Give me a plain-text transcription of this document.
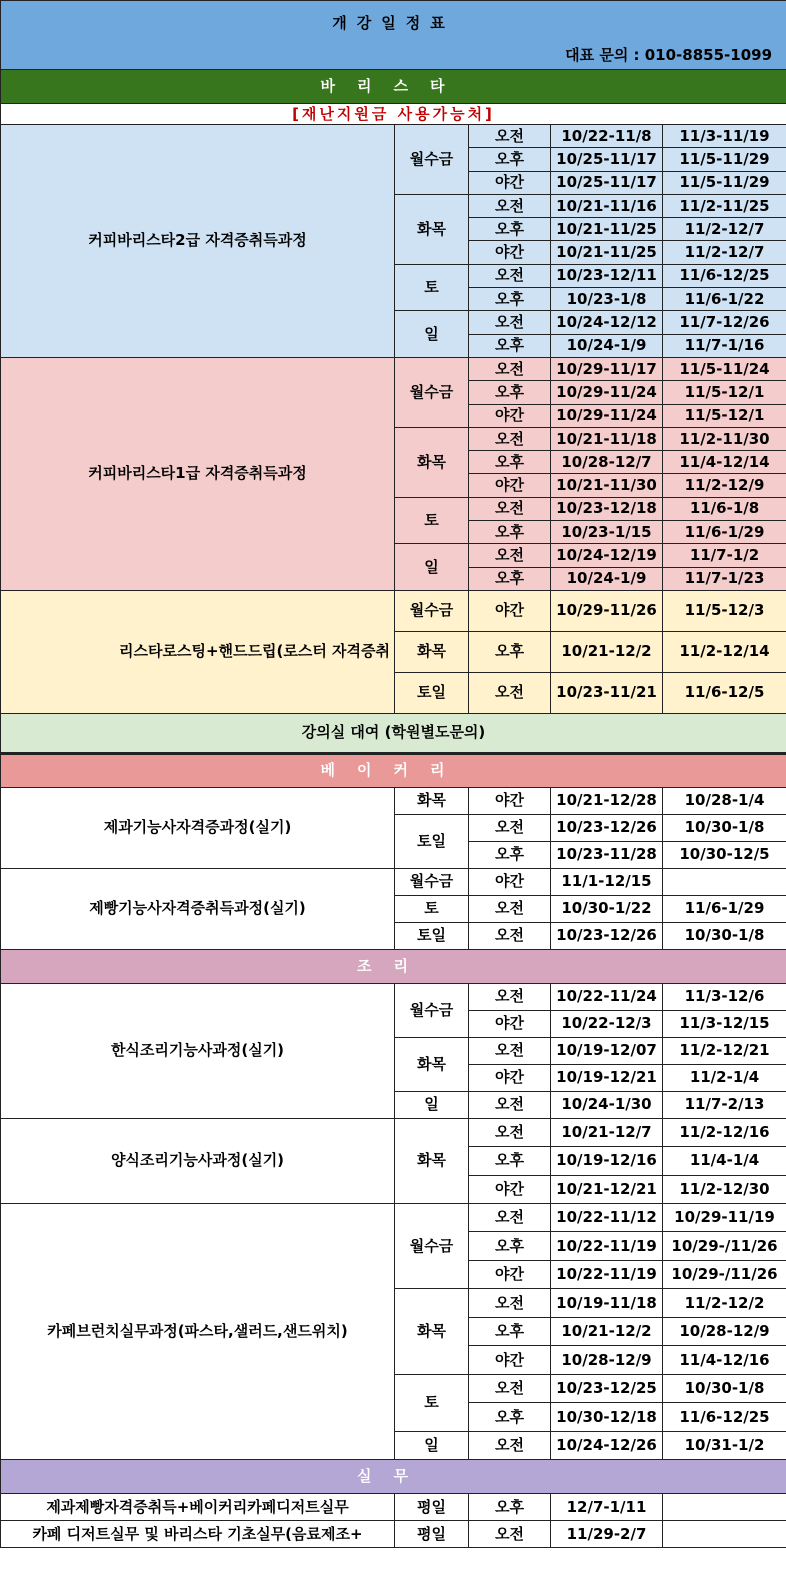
개강일정표				
대표 문의 : 010-8855-1099				
바리스타				
[재난지원금 사용가능처]				
커피바리스타2급 자격증취득과정	월수금	오전	10/22-11/8	11/3-11/19
		오후	10/25-11/17	11/5-11/29
		야간	10/25-11/17	11/5-11/29
	화목	오전	10/21-11/16	11/2-11/25
		오후	10/21-11/25	11/2-12/7
		야간	10/21-11/25	11/2-12/7
	토	오전	10/23-12/11	11/6-12/25
		오후	10/23-1/8	11/6-1/22
	일	오전	10/24-12/12	11/7-12/26
		오후	10/24-1/9	11/7-1/16
커피바리스타1급 자격증취득과정	월수금	오전	10/29-11/17	11/5-11/24
		오후	10/29-11/24	11/5-12/1
		야간	10/29-11/24	11/5-12/1
	화목	오전	10/21-11/18	11/2-11/30
		오후	10/28-12/7	11/4-12/14
		야간	10/21-11/30	11/2-12/9
	토	오전	10/23-12/18	11/6-1/8
		오후	10/23-1/15	11/6-1/29
	일	오전	10/24-12/19	11/7-1/2
		오후	10/24-1/9	11/7-1/23
리스타로스팅+핸드드립(로스터 자격증취	월수금	야간	10/29-11/26	11/5-12/3
	화목	오후	10/21-12/2	11/2-12/14
	토일	오전	10/23-11/21	11/6-12/5
강의실 대여 (학원별도문의)				
베이커리				
제과기능사자격증과정(실기)	화목	야간	10/21-12/28	10/28-1/4
	토일	오전	10/23-12/26	10/30-1/8
		오후	10/23-11/28	10/30-12/5
제빵기능사자격증취득과정(실기)	월수금	야간	11/1-12/15	
	토	오전	10/30-1/22	11/6-1/29
	토일	오전	10/23-12/26	10/30-1/8
조리				
한식조리기능사과정(실기)	월수금	오전	10/22-11/24	11/3-12/6
		야간	10/22-12/3	11/3-12/15
	화목	오전	10/19-12/07	11/2-12/21
		야간	10/19-12/21	11/2-1/4
	일	오전	10/24-1/30	11/7-2/13
양식조리기능사과정(실기)	화목	오전	10/21-12/7	11/2-12/16
		오후	10/19-12/16	11/4-1/4
		야간	10/21-12/21	11/2-12/30
카페브런치실무과정(파스타,샐러드,샌드위치)	월수금	오전	10/22-11/12	10/29-11/19
		오후	10/22-11/19	10/29-/11/26
		야간	10/22-11/19	10/29-/11/26
	화목	오전	10/19-11/18	11/2-12/2
		오후	10/21-12/2	10/28-12/9
		야간	10/28-12/9	11/4-12/16
	토	오전	10/23-12/25	10/30-1/8
		오후	10/30-12/18	11/6-12/25
	일	오전	10/24-12/26	10/31-1/2
실무				
제과제빵자격증취득+베이커리카페디저트실무	평일	오후	12/7-1/11	
카페 디저트실무 및 바리스타 기초실무(음료제조+	평일	오전	11/29-2/7	
